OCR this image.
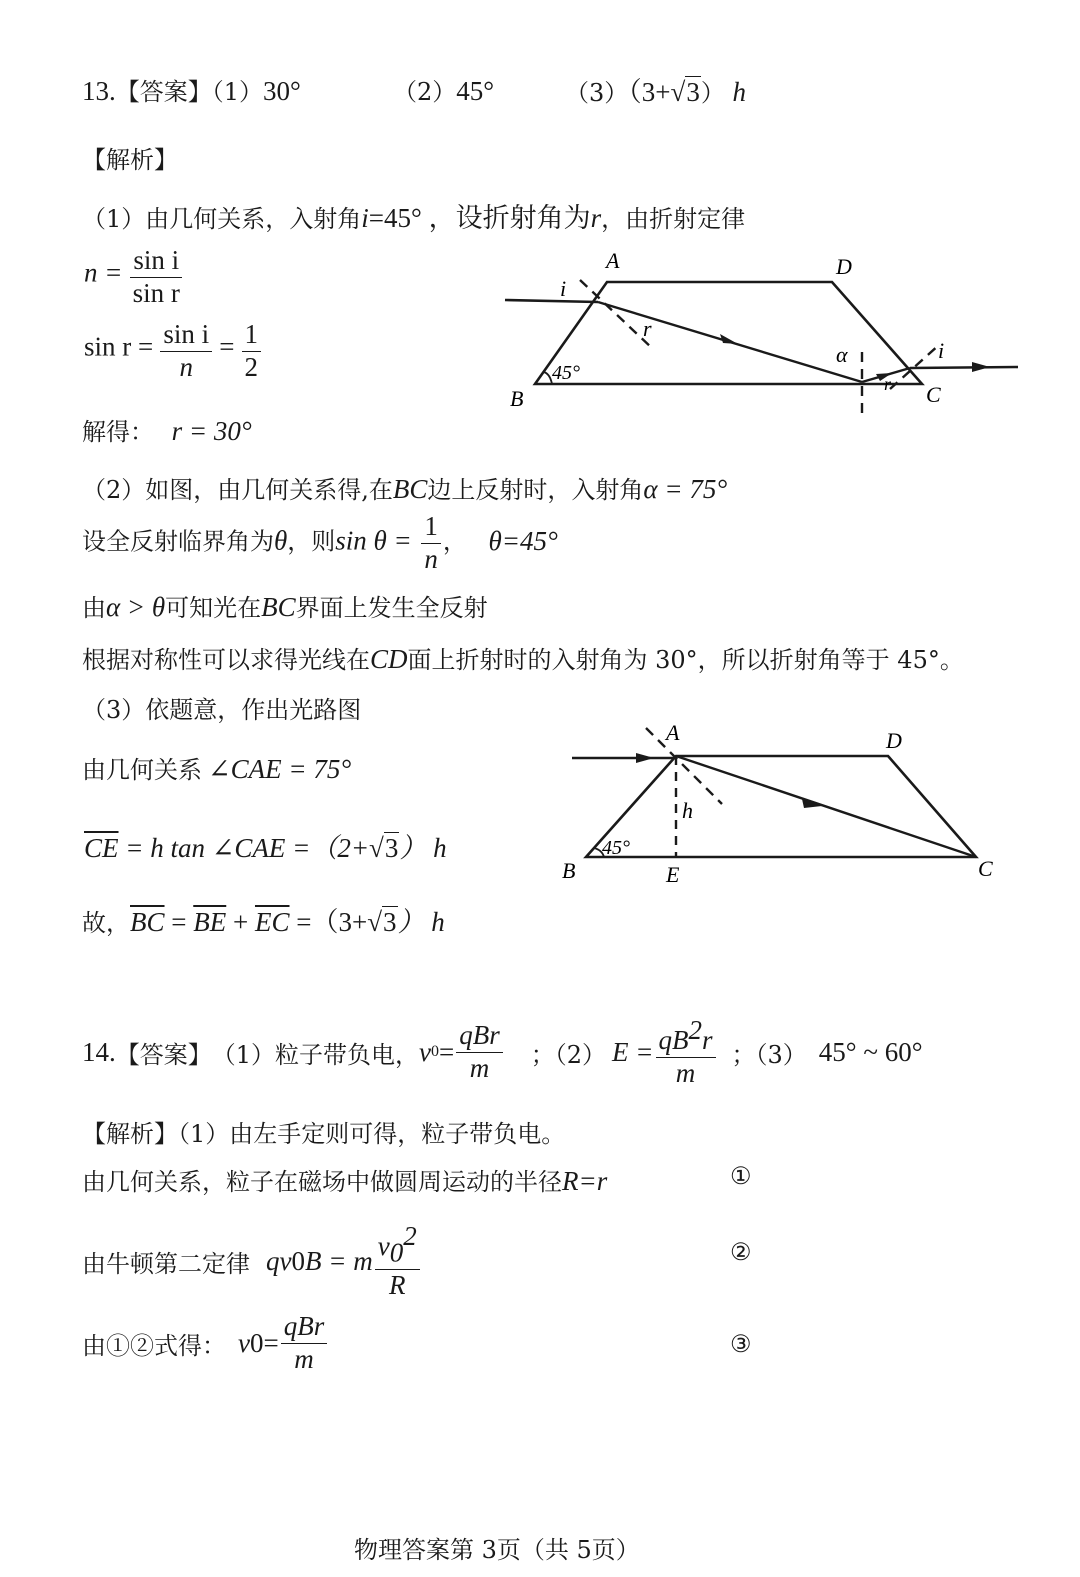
13.【答案】（1）30°	（2）45°	（3）（3+√3） h
【解析】
（1）由几何关系，入射角i=45° ，设折射角为r，由折射定律
$n = \frac{\text{sin i}}{\text{sin r}}$
$\sin r = \frac{\text{sin i}}{n} = \frac{1}{2}$
解得： r = 30°
A	D
B	C
i
r
α	i
r
45°
（2）如图，由几何关系得,在BC边上反射时，入射角α = 75°
设全反射临界角为θ，则$\sin \theta = \frac{1}{n}$ ， θ=45°
由α > θ可知光在BC界面上发生全反射
根据对称性可以求得光线在CD面上折射时的入射角为 30°，所以折射角等于 45°。
（3）依题意，作出光路图
由几何关系 ∠CAE = 75°
$\overline{CE} = h$ tan ∠CAE =（2+√3） h
故，$\overline{BC} = \overline{BE} + \overline{EC} =(3+√3)$ h
A	D
B	E	C
h
45°
14. 【答案】 （1）粒子带负电， v $0 = \frac{\text{qBr}}{m}$ ；（2） $E = \frac{qB^2r}{m}$ ；（3） 45° ~ 60°
【解析】（1）由左手定则可得，粒子带负电。
由几何关系，粒子在磁场中做圆周运动的半径R=r	①
由牛顿第二定律 qv 0 B = m $\frac{v_0^2}{R}$	②
由①②式得： v $0 = \frac{\text{qBr}}{m}$	③
物理答案第 3页（共 5页）
